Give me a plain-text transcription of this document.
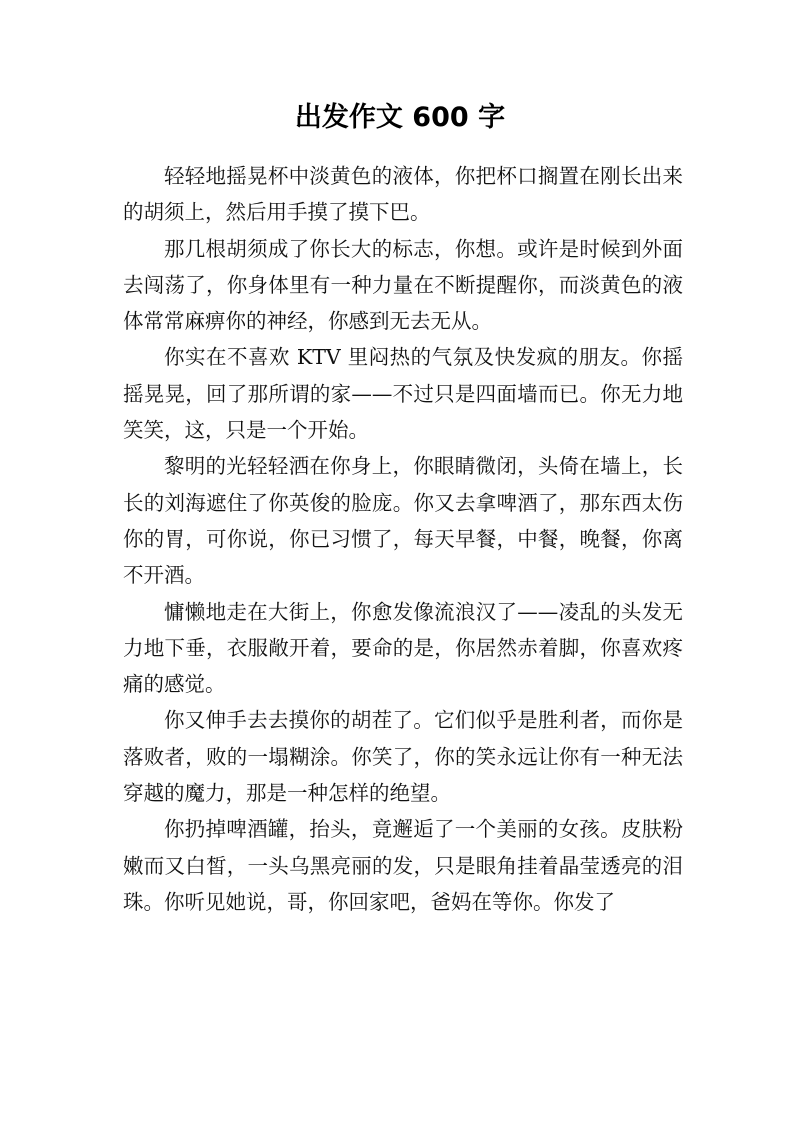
出发作文 600 字

轻轻地摇晃杯中淡黄色的液体，你把杯口搁置在刚长出来的胡须上，然后用手摸了摸下巴。

那几根胡须成了你长大的标志，你想。或许是时候到外面去闯荡了，你身体里有一种力量在不断提醒你，而淡黄色的液体常常麻痹你的神经，你感到无去无从。

你实在不喜欢 KTV 里闷热的气氛及快发疯的朋友。你摇摇晃晃，回了那所谓的家——不过只是四面墙而已。你无力地笑笑，这，只是一个开始。

黎明的光轻轻洒在你身上，你眼睛微闭，头倚在墙上，长长的刘海遮住了你英俊的脸庞。你又去拿啤酒了，那东西太伤你的胃，可你说，你已习惯了，每天早餐，中餐，晚餐，你离不开酒。

慵懒地走在大街上，你愈发像流浪汉了——凌乱的头发无力地下垂，衣服敞开着，要命的是，你居然赤着脚，你喜欢疼痛的感觉。

你又伸手去去摸你的胡茬了。它们似乎是胜利者，而你是落败者，败的一塌糊涂。你笑了，你的笑永远让你有一种无法穿越的魔力，那是一种怎样的绝望。

你扔掉啤酒罐，抬头，竟邂逅了一个美丽的女孩。皮肤粉嫩而又白皙，一头乌黑亮丽的发，只是眼角挂着晶莹透亮的泪珠。你听见她说，哥，你回家吧，爸妈在等你。你发了
